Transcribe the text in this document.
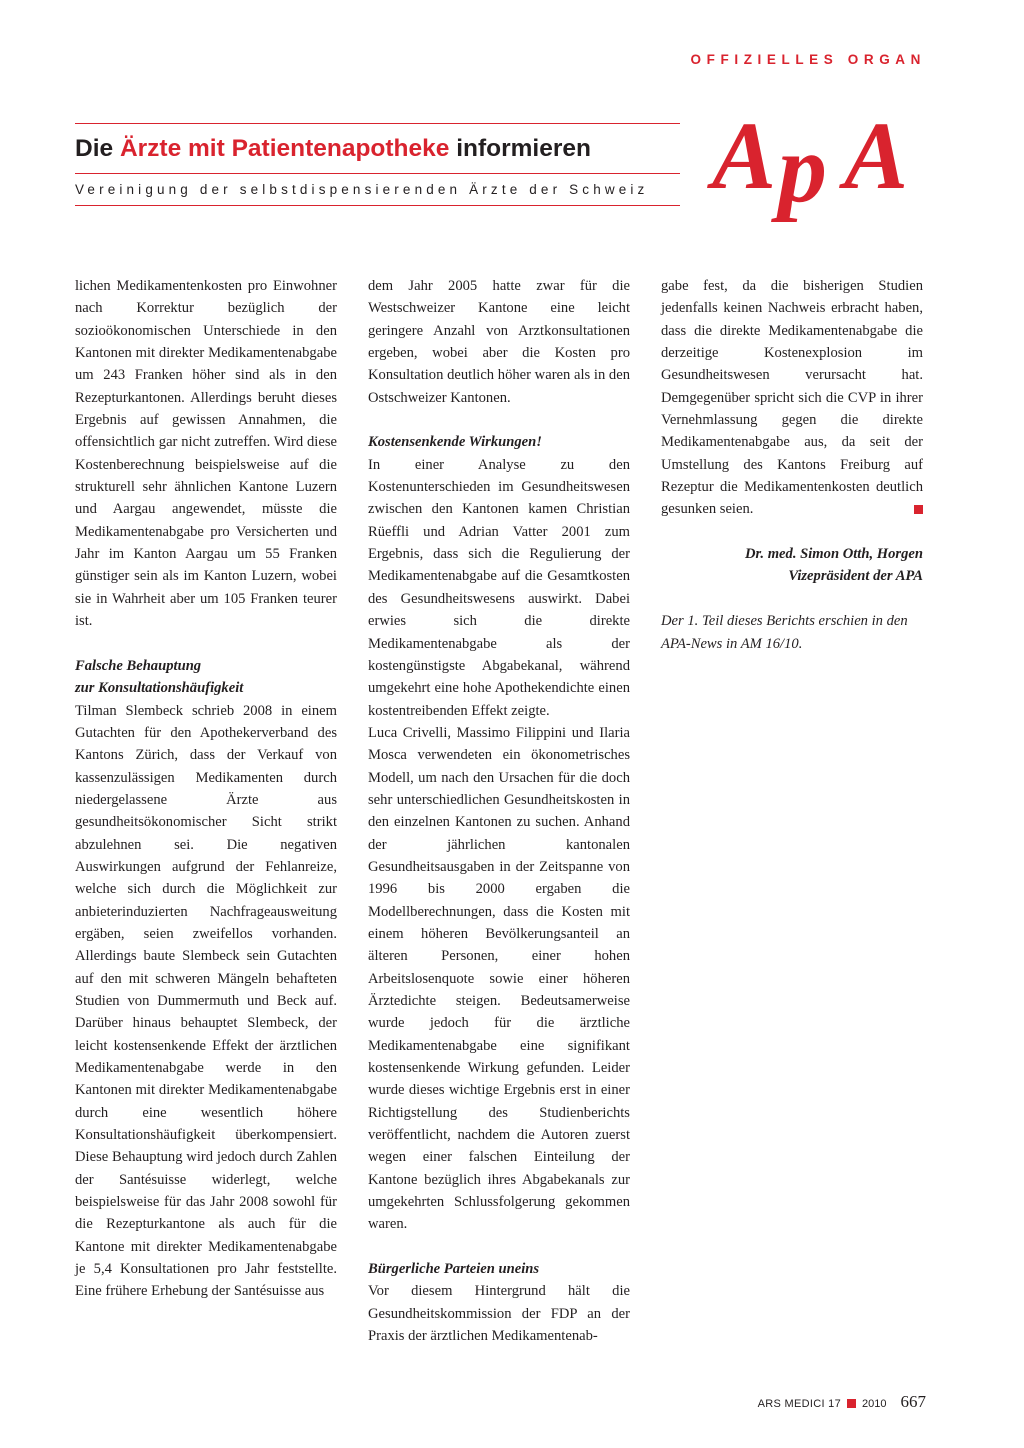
OFFIZIELLES ORGAN
Die Ärzte mit Patientenapotheke informieren
Vereinigung der selbstdispensierenden Ärzte der Schweiz A p A

lichen Medikamentenkosten pro Einwohner nach Korrektur bezüglich der sozioökonomischen Unterschiede in den Kantonen mit direkter Medikamentenabgabe um 243 Franken höher sind als in den Rezepturkantonen. Allerdings beruht dieses Ergebnis auf gewissen Annahmen, die offensichtlich gar nicht zutreffen. Wird diese Kostenberechnung beispielsweise auf die strukturell sehr ähnlichen Kantone Luzern und Aargau angewendet, müsste die Medikamentenabgabe pro Versicherten und Jahr im Kanton Aargau um 55 Franken günstiger sein als im Kanton Luzern, wobei sie in Wahrheit aber um 105 Franken teurer ist.

Falsche Behauptung

zur Konsultationshäufigkeit

Tilman Slembeck schrieb 2008 in einem Gutachten für den Apothekerverband des Kantons Zürich, dass der Verkauf von kassenzulässigen Medikamenten durch niedergelassene Ärzte aus gesundheitsökonomischer Sicht strikt abzulehnen sei. Die negativen Auswirkungen aufgrund der Fehlanreize, welche sich durch die Möglichkeit zur anbieterinduzierten Nachfrageausweitung ergäben, seien zweifellos vorhanden. Allerdings baute Slembeck sein Gutachten auf den mit schweren Mängeln behafteten Studien von Dummermuth und Beck auf. Darüber hinaus behauptet Slembeck, der leicht kostensenkende Effekt der ärztlichen Medikamentenabgabe werde in den Kantonen mit direkter Medikamentenabgabe durch eine wesentlich höhere Konsultationshäufigkeit überkompensiert. Diese Behauptung wird jedoch durch Zahlen der Santésuisse widerlegt, welche beispielsweise für das Jahr 2008 sowohl für die Rezepturkantone als auch für die Kantone mit direkter Medikamentenabgabe je 5,4 Konsultationen pro Jahr feststellte. Eine frühere Erhebung der Santésuisse aus

dem Jahr 2005 hatte zwar für die Westschweizer Kantone eine leicht geringere Anzahl von Arztkonsultationen ergeben, wobei aber die Kosten pro Konsultation deutlich höher waren als in den Ostschweizer Kantonen.

Kostensenkende Wirkungen!

In einer Analyse zu den Kostenunterschieden im Gesundheitswesen zwischen den Kantonen kamen Christian Rüeffli und Adrian Vatter 2001 zum Ergebnis, dass sich die Regulierung der Medikamentenabgabe auf die Gesamtkosten des Gesundheitswesens auswirkt. Dabei erwies sich die direkte Medikamentenabgabe als der kostengünstigste Abgabekanal, während umgekehrt eine hohe Apothekendichte einen kostentreibenden Effekt zeigte.

Luca Crivelli, Massimo Filippini und Ilaria Mosca verwendeten ein ökonometrisches Modell, um nach den Ursachen für die doch sehr unterschiedlichen Gesundheitskosten in den einzelnen Kantonen zu suchen. Anhand der jährlichen kantonalen Gesundheitsausgaben in der Zeitspanne von 1996 bis 2000 ergaben die Modellberechnungen, dass die Kosten mit einem höheren Bevölkerungsanteil an älteren Personen, einer hohen Arbeitslosenquote sowie einer höheren Ärztedichte steigen. Bedeutsamerweise wurde jedoch für die ärztliche Medikamentenabgabe eine signifikant kostensenkende Wirkung gefunden. Leider wurde dieses wichtige Ergebnis erst in einer Richtigstellung des Studienberichts veröffentlicht, nachdem die Autoren zuerst wegen einer falschen Einteilung der Kantone bezüglich ihres Abgabekanals zur umgekehrten Schlussfolgerung gekommen waren.

Bürgerliche Parteien uneins

Vor diesem Hintergrund hält die Gesundheitskommission der FDP an der Praxis der ärztlichen Medikamentenab-

gabe fest, da die bisherigen Studien jedenfalls keinen Nachweis erbracht haben, dass die direkte Medikamentenabgabe die derzeitige Kostenexplosion im Gesundheitswesen verursacht hat. Demgegenüber spricht sich die CVP in ihrer Vernehmlassung gegen die direkte Medikamentenabgabe aus, da seit der Umstellung des Kantons Freiburg auf Rezeptur die Medikamentenkosten deutlich gesunken seien.

Dr. med. Simon Otth, Horgen

Vizepräsident der APA

Der 1. Teil dieses Berichts erschien in den APA-News in AM 16/10.

ARS MEDICI 17 2010 667
